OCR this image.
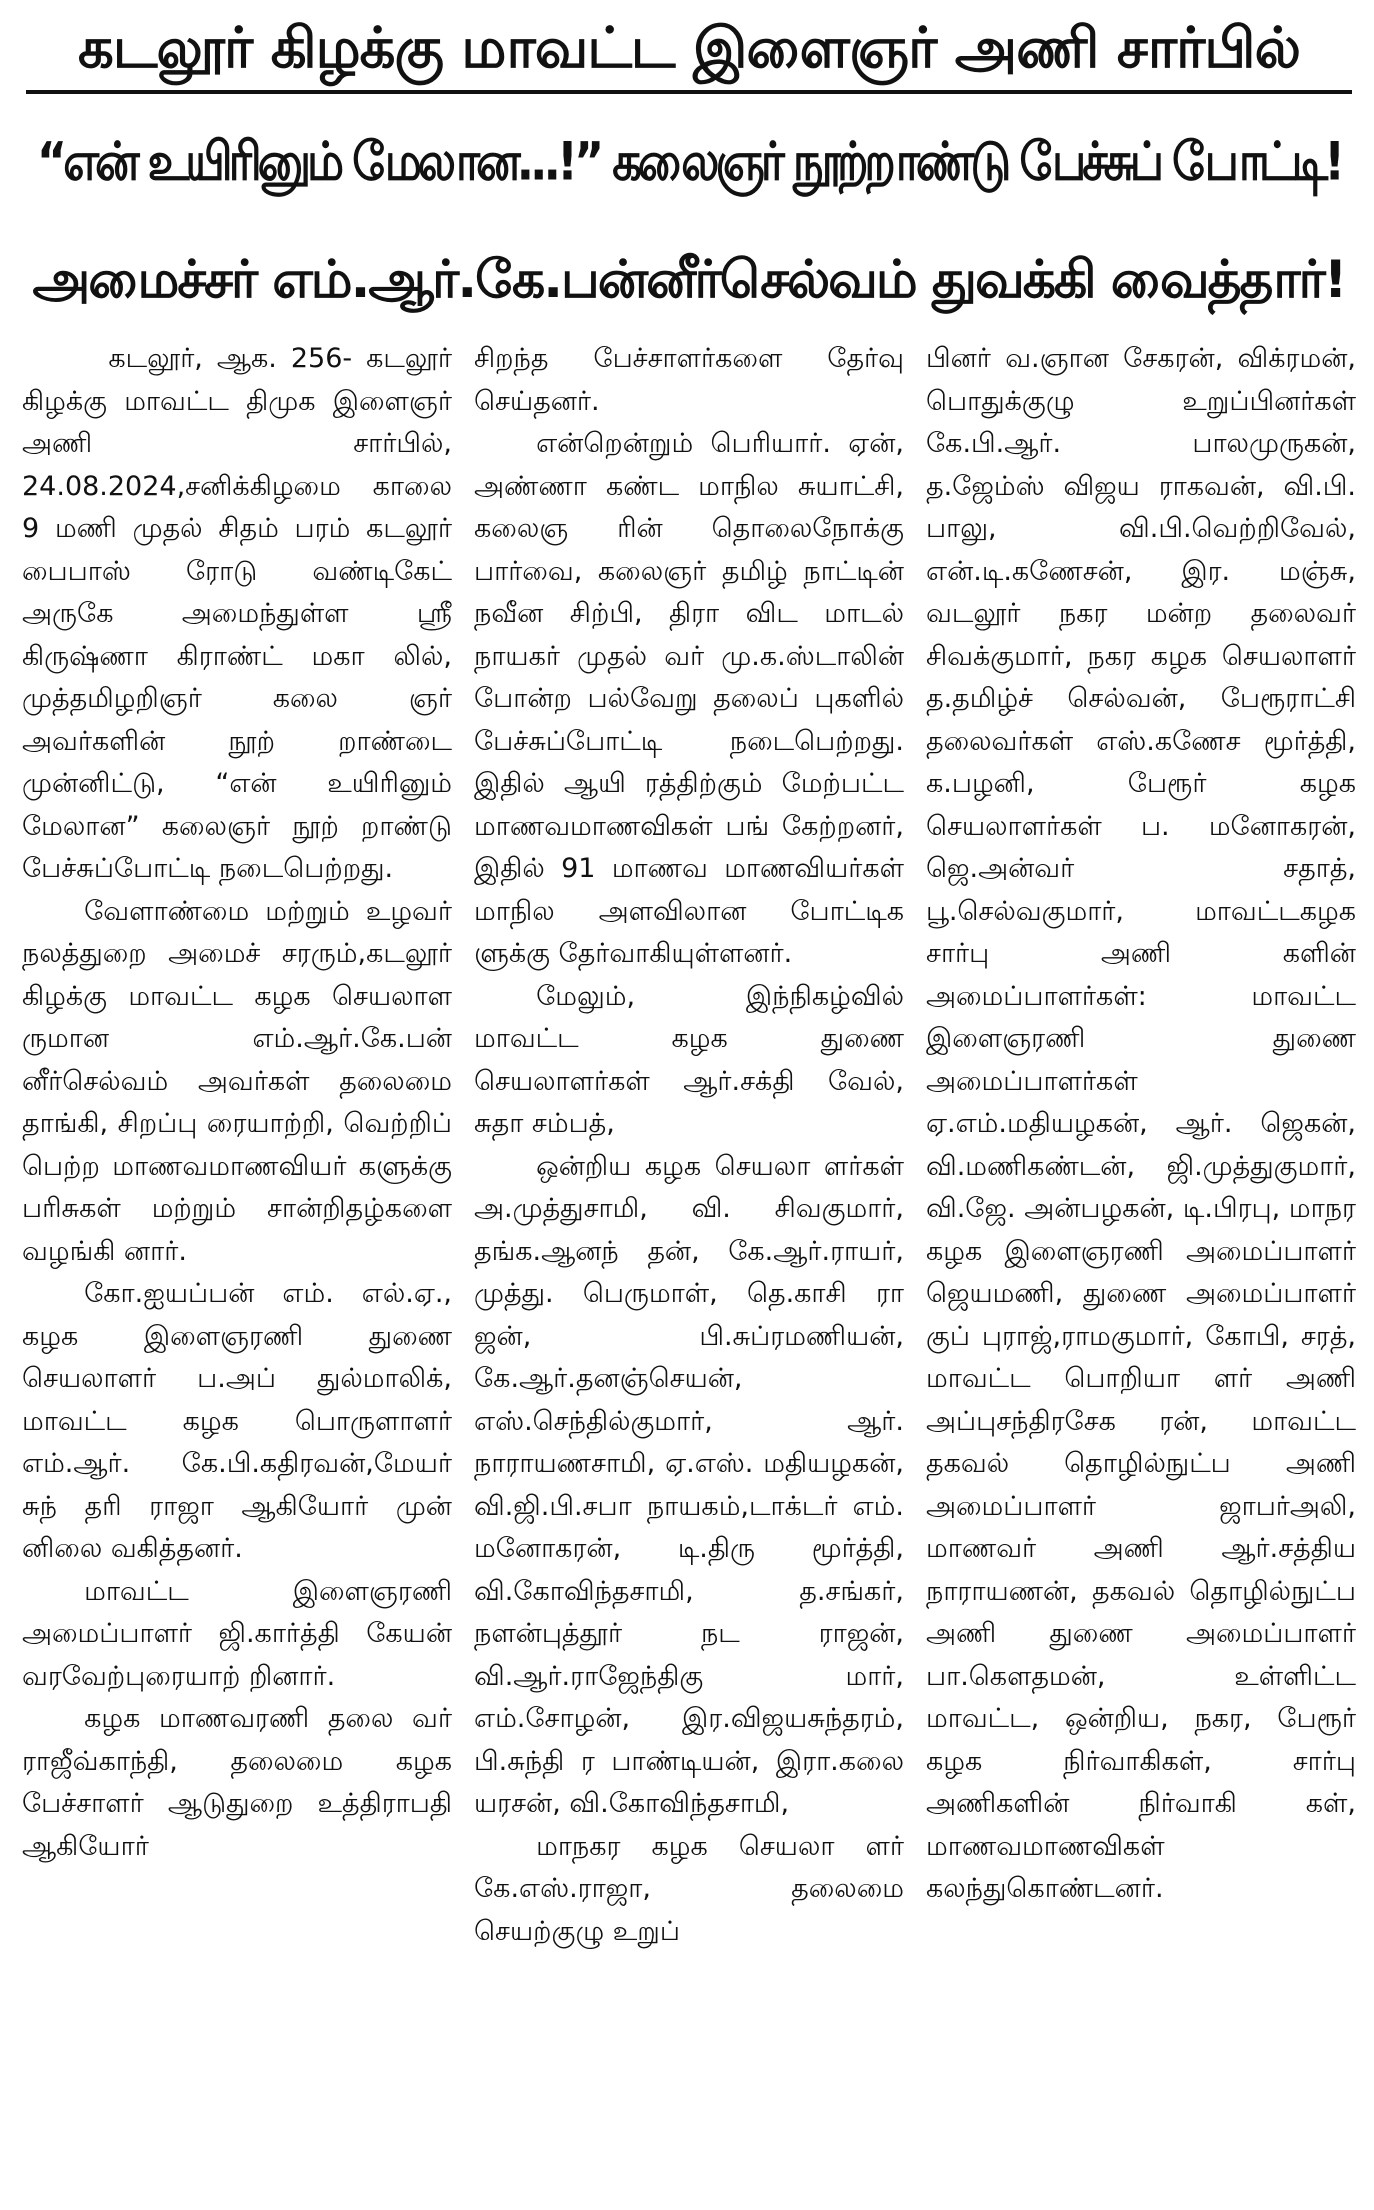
கடலூர் கிழக்கு மாவட்ட இளைஞர் அணி சார்பில்
“என் உயிரினும் மேலான...!” கலைஞர் நூற்றாண்டு பேச்சுப் போட்டி!
அமைச்சர் எம்.ஆர்.கே.பன்னீர்செல்வம் துவக்கி வைத்தார்!

கடலூர், ஆக. 256- கடலூர் கிழக்கு மாவட்ட திமுக இளைஞர் அணி சார்பில், 24.08.2024,சனிக்கிழமை காலை 9 மணி முதல் சிதம் பரம் கடலூர் பைபாஸ் ரோடு வண்டிகேட் அருகே அமைந்துள்ள ஸ்ரீ கிருஷ்ணா கிராண்ட் மகா லில், முத்தமிழறிஞர் கலை ஞர் அவர்களின் நூற் றாண்டை முன்னிட்டு, “என் உயிரினும் மேலான” கலைஞர் நூற் றாண்டு பேச்சுப்போட்டி நடைபெற்றது.

வேளாண்மை மற்றும் உழவர் நலத்துறை அமைச் சரரும்,கடலூர் கிழக்கு மாவட்ட கழக செயலாள ருமான எம்.ஆர்.கே.பன் னீர்செல்வம் அவர்கள் தலைமை தாங்கி, சிறப்பு ரையாற்றி, வெற்றிப் பெற்ற மாணவமாணவியர் களுக்கு பரிசுகள் மற்றும் சான்றிதழ்களை வழங்கி னார்.

கோ.ஐயப்பன் எம். எல்.ஏ., கழக இளைஞரணி துணை செயலாளர் ப.அப் துல்மாலிக், மாவட்ட கழக பொருளாளர் எம்.ஆர். கே.பி.கதிரவன்,மேயர் சுந் தரி ராஜா ஆகியோர் முன் னிலை வகித்தனர்.

மாவட்ட இளைஞரணி அமைப்பாளர் ஜி.கார்த்தி கேயன் வரவேற்புரையாற் றினார்.

கழக மாணவரணி தலை வர் ராஜீவ்காந்தி, தலைமை கழக பேச்சாளர் ஆடுதுறை உத்திராபதி ஆகியோர்

சிறந்த பேச்சாளர்களை தேர்வு செய்தனர்.

என்றென்றும் பெரியார். ஏன், அண்ணா கண்ட மாநில சுயாட்சி, கலைஞ ரின் தொலைநோக்கு பார்வை, கலைஞர் தமிழ் நாட்டின் நவீன சிற்பி, திரா விட மாடல் நாயகர் முதல் வர் மு.க.ஸ்டாலின் போன்ற பல்வேறு தலைப் புகளில் பேச்சுப்போட்டி நடைபெற்றது. இதில் ஆயி ரத்திற்கும் மேற்பட்ட மாணவமாணவிகள் பங் கேற்றனர், இதில் 91 மாணவ மாணவியர்கள் மாநில அளவிலான போட்டிக ளுக்கு தேர்வாகியுள்ளனர்.

மேலும், இந்நிகழ்வில் மாவட்ட கழக துணை செயலாளர்கள் ஆர்.சக்தி வேல், சுதா சம்பத்,

ஒன்றிய கழக செயலா ளர்கள் அ.முத்துசாமி, வி. சிவகுமார், தங்க.ஆனந் தன், கே.ஆர்.ராயர், முத்து. பெருமாள், தெ.காசி ரா ஜன், பி.சுப்ரமணியன், கே.ஆர்.தனஞ்செயன், எஸ்.செந்தில்குமார், ஆர். நாராயணசாமி, ஏ.எஸ். மதியழகன், வி.ஜி.பி.சபா நாயகம்,டாக்டர் எம். மனோகரன், டி.திரு மூர்த்தி, வி.கோவிந்தசாமி, த.சங்கர், நளன்புத்தூர் நட ராஜன், வி.ஆர்.ராஜேந்திகு மார், எம்.சோழன், இர.விஜயசுந்தரம், பி.சுந்தி ர பாண்டியன், இரா.கலை யரசன், வி.கோவிந்தசாமி,

மாநகர கழக செயலா ளர் கே.எஸ்.ராஜா, தலைமை செயற்குழு உறுப்

பினர் வ.ஞான சேகரன், விக்ரமன், பொதுக்குழு உறுப்பினர்கள் கே.பி.ஆர். பாலமுருகன், த.ஜேம்ஸ் விஜய ராகவன், வி.பி. பாலு, வி.பி.வெற்றிவேல், என்.டி.கணேசன், இர. மஞ்சு, வடலூர் நகர மன்ற தலைவர் சிவக்குமார், நகர கழக செயலாளர் த.தமிழ்ச் செல்வன், பேரூராட்சி தலைவர்கள் எஸ்.கணேச மூர்த்தி, க.பழனி, பேரூர் கழக செயலாளர்கள் ப. மனோகரன், ஜெ.அன்வர் சதாத், பூ.செல்வகுமார், மாவட்டகழக சார்பு அணி களின் அமைப்பாளர்கள்: மாவட்ட இளைஞரணி துணை அமைப்பாளர்கள் ஏ.எம்.மதியழகன், ஆர். ஜெகன், வி.மணிகண்டன், ஜி.முத்துகுமார், வி.ஜே. அன்பழகன், டி.பிரபு, மாநர கழக இளைஞரணி அமைப்பாளர் ஜெயமணி, துணை அமைப்பாளர் குப் புராஜ்,ராமகுமார், கோபி, சரத், மாவட்ட பொறியா ளர் அணி அப்புசந்திரசேக ரன், மாவட்ட தகவல் தொழில்நுட்ப அணி அமைப்பாளர் ஜாபர்அலி, மாணவர் அணி ஆர்.சத்திய நாராயணன், தகவல் தொழில்நுட்ப அணி துணை அமைப்பாளர் பா.கௌதமன், உள்ளிட்ட மாவட்ட, ஒன்றிய, நகர, பேரூர் கழக நிர்வாகிகள், சார்பு அணிகளின் நிர்வாகி கள், மாணவமாணவிகள் கலந்துகொண்டனர்.
